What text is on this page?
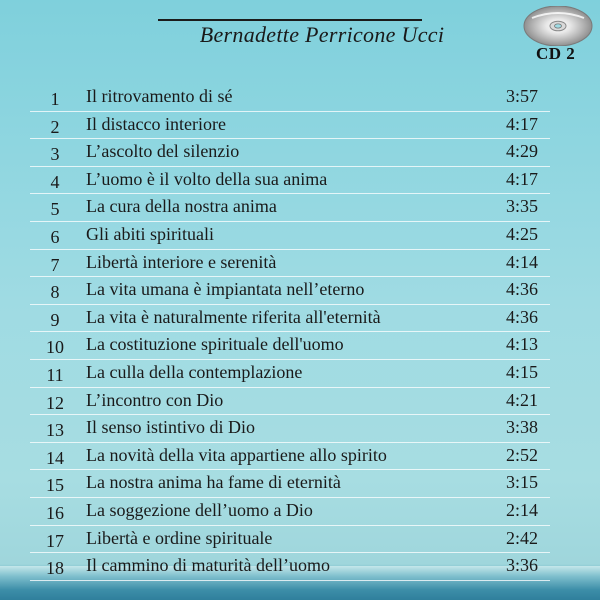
Bernadette Perricone Ucci
CD 2
1	Il ritrovamento di sé	3:57
2	Il distacco interiore	4:17
3	L’ascolto del silenzio	4:29
4	L’uomo è il volto della sua anima	4:17
5	La cura della nostra anima	3:35
6	Gli abiti spirituali	4:25
7	Libertà interiore e serenità	4:14
8	La vita umana è impiantata nell’eterno	4:36
9	La vita è naturalmente riferita all'eternità	4:36
10	La costituzione spirituale dell'uomo	4:13
11	La culla della contemplazione	4:15
12	L’incontro con Dio	4:21
13	Il senso istintivo di Dio	3:38
14	La novità della vita appartiene allo spirito	2:52
15	La nostra anima ha fame di eternità	3:15
16	La soggezione dell’uomo a Dio	2:14
17	Libertà e ordine spirituale	2:42
18	Il cammino di maturità dell’uomo	3:36
